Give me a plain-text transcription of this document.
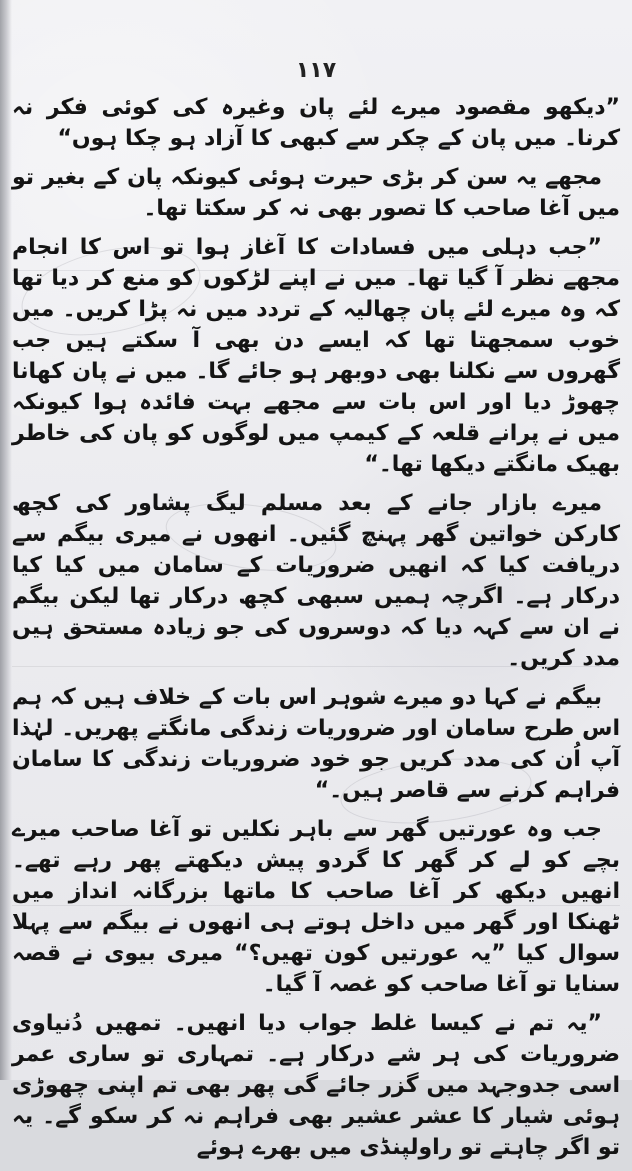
۱۱۷

”دیکھو مقصود میرے لئے پان وغیرہ کی کوئی فکر نہ کرنا۔ میں پان کے چکر سے کبھی کا آزاد ہو چکا ہوں“

مجھے یہ سن کر بڑی حیرت ہوئی کیونکہ پان کے بغیر تو میں آغا صاحب کا تصور بھی نہ کر سکتا تھا۔

”جب دہلی میں فسادات کا آغاز ہوا تو اس کا انجام مجھے نظر آ گیا تھا۔ میں نے اپنے لڑکوں کو منع کر دیا تھا کہ وہ میرے لئے پان چھالیہ کے تردد میں نہ پڑا کریں۔ میں خوب سمجھتا تھا کہ ایسے دن بھی آ سکتے ہیں جب گھروں سے نکلنا بھی دوبھر ہو جائے گا۔ میں نے پان کھانا چھوڑ دیا اور اس بات سے مجھے بہت فائدہ ہوا کیونکہ میں نے پرانے قلعہ کے کیمپ میں لوگوں کو پان کی خاطر بھیک مانگتے دیکھا تھا۔“

میرے بازار جانے کے بعد مسلم لیگ پشاور کی کچھ کارکن خواتین گھر پہنچ گئیں۔ انھوں نے میری بیگم سے دریافت کیا کہ انھیں ضروریات کے سامان میں کیا کیا درکار ہے۔ اگرچہ ہمیں سبھی کچھ درکار تھا لیکن بیگم نے ان سے کہہ دیا کہ دوسروں کی جو زیادہ مستحق ہیں مدد کریں۔

بیگم نے کہا دو میرے شوہر اس بات کے خلاف ہیں کہ ہم اس طرح سامان اور ضروریات زندگی مانگتے پھریں۔ لہٰذا آپ اُن کی مدد کریں جو خود ضروریات زندگی کا سامان فراہم کرنے سے قاصر ہیں۔“

جب وہ عورتیں گھر سے باہر نکلیں تو آغا صاحب میرے بچے کو لے کر گھر کا گردو پیش دیکھتے پھر رہے تھے۔ انھیں دیکھ کر آغا صاحب کا ماتھا بزرگانہ انداز میں ٹھنکا اور گھر میں داخل ہوتے ہی انھوں نے بیگم سے پہلا سوال کیا ”یہ عورتیں کون تھیں؟“ میری بیوی نے قصہ سنایا تو آغا صاحب کو غصہ آ گیا۔

”یہ تم نے کیسا غلط جواب دیا انھیں۔ تمھیں دُنیاوی ضروریات کی ہر شے درکار ہے۔ تمہاری تو ساری عمر اسی جدوجہد میں گزر جائے گی پھر بھی تم اپنی چھوڑی ہوئی شیار کا عشر عشیر بھی فراہم نہ کر سکو گے۔ یہ تو اگر چاہتے تو راولپنڈی میں بھرے ہوئے
